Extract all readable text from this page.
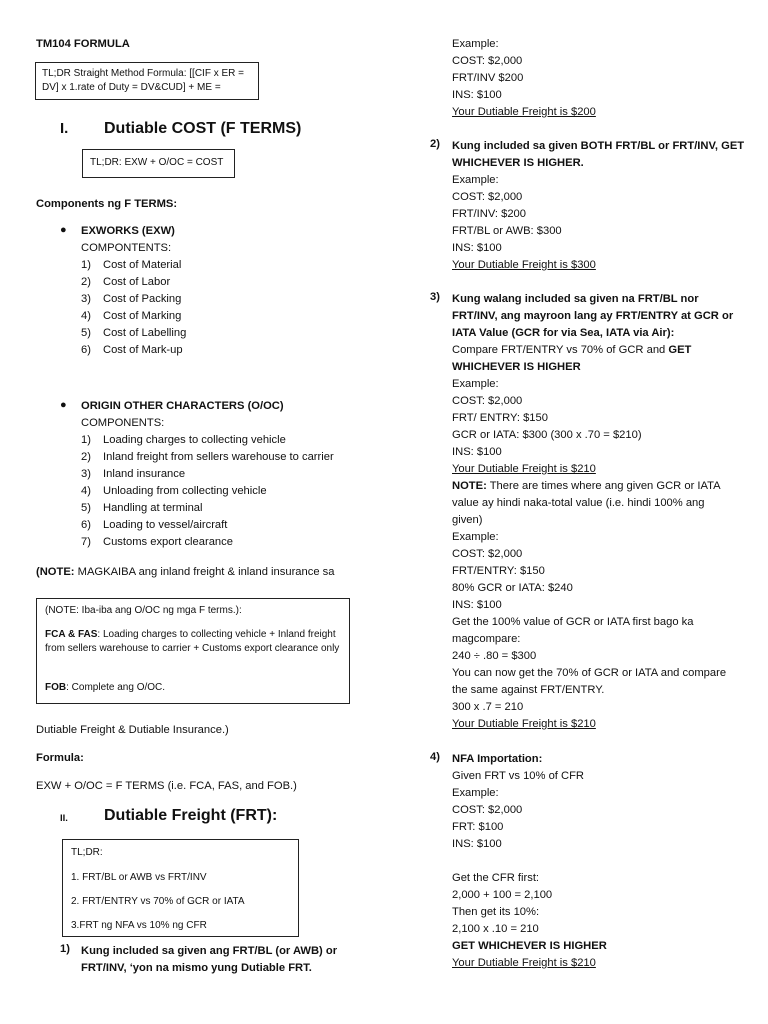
TM104 FORMULA
TL;DR Straight Method Formula: [[CIF x ER =
DV] x 1.rate of Duty = DV&CUD] + ME =
I. Dutiable COST (F TERMS)
TL;DR: EXW + O/OC = COST
Components ng F TERMS:
● EXWORKS (EXW)
COMPONTENTS:
1) Cost of Material
2) Cost of Labor
3) Cost of Packing
4) Cost of Marking
5) Cost of Labelling
6) Cost of Mark-up
● ORIGIN OTHER CHARACTERS (O/OC)
COMPONENTS:
1) Loading charges to collecting vehicle
2) Inland freight from sellers warehouse to carrier
3) Inland insurance
4) Unloading from collecting vehicle
5) Handling at terminal
6) Loading to vessel/aircraft
7) Customs export clearance
(NOTE: MAGKAIBA ang inland freight & inland insurance sa
(NOTE: Iba-iba ang O/OC ng mga F terms.):
FCA & FAS: Loading charges to collecting vehicle + Inland freight from sellers warehouse to carrier + Customs export clearance only
FOB: Complete ang O/OC.
Dutiable Freight & Dutiable Insurance.)
Formula:
EXW + O/OC = F TERMS (i.e. FCA, FAS, and FOB.)
II. Dutiable Freight (FRT):
TL;DR:
1. FRT/BL or AWB vs FRT/INV
2. FRT/ENTRY vs 70% of GCR or IATA
3.FRT ng NFA vs 10% ng CFR
1) Kung included sa given ang FRT/BL (or AWB) or
FRT/INV, ‘yon na mismo yung Dutiable FRT.
Example:
COST: $2,000
FRT/INV $200
INS: $100
Your Dutiable Freight is $200
2) Kung included sa given BOTH FRT/BL or FRT/INV, GET
WHICHEVER IS HIGHER.
Example:
COST: $2,000
FRT/INV: $200
FRT/BL or AWB: $300
INS: $100
Your Dutiable Freight is $300
3) Kung walang included sa given na FRT/BL nor
FRT/INV, ang mayroon lang ay FRT/ENTRY at GCR or
IATA Value (GCR for via Sea, IATA via Air):
Compare FRT/ENTRY vs 70% of GCR and GET
WHICHEVER IS HIGHER
Example:
COST: $2,000
FRT/ ENTRY: $150
GCR or IATA: $300 (300 x .70 = $210)
INS: $100
Your Dutiable Freight is $210
NOTE: There are times where ang given GCR or IATA
value ay hindi naka-total value (i.e. hindi 100% ang
given)
Example:
COST: $2,000
FRT/ENTRY: $150
80% GCR or IATA: $240
INS: $100
Get the 100% value of GCR or IATA first bago ka
magcompare:
240 ÷ .80 = $300
You can now get the 70% of GCR or IATA and compare
the same against FRT/ENTRY.
300 x .7 = 210
Your Dutiable Freight is $210
4) NFA Importation:
Given FRT vs 10% of CFR
Example:
COST: $2,000
FRT: $100
INS: $100
Get the CFR first:
2,000 + 100 = 2,100
Then get its 10%:
2,100 x .10 = 210
GET WHICHEVER IS HIGHER
Your Dutiable Freight is $210
